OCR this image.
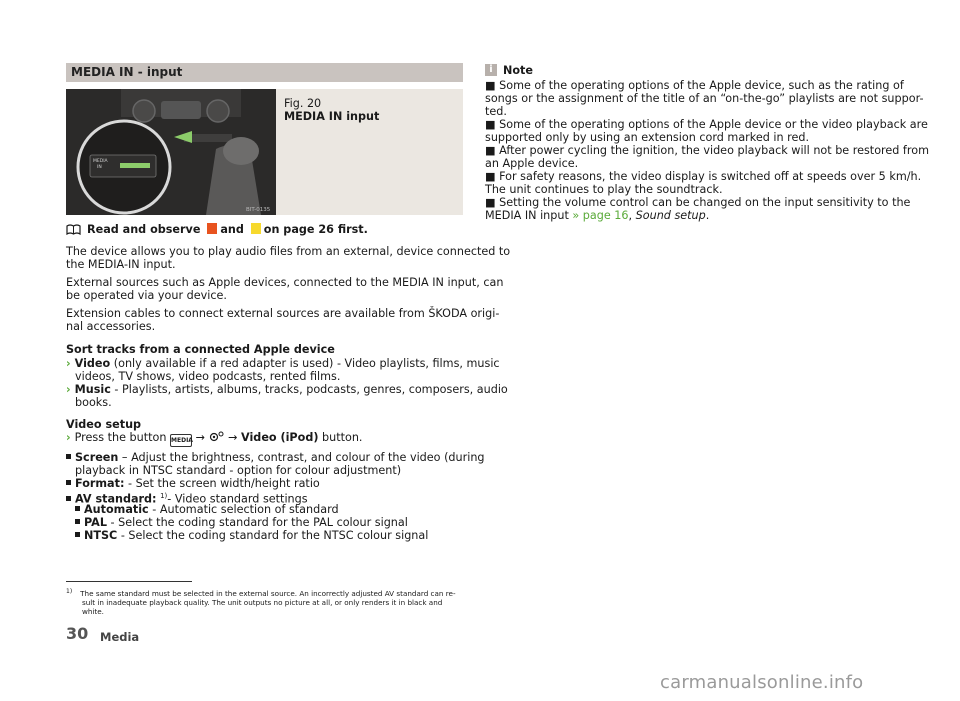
MEDIA IN - input
MEDIA
IN
BIT-0135
Fig. 20
MEDIA IN input
Read and observe and on page 26 first.
The device allows you to play audio files from an external, device connected to
the MEDIA-IN input.
External sources such as Apple devices, connected to the MEDIA IN input, can
be operated via your device.
Extension cables to connect external sources are available from ŠKODA origi-
nal accessories.
Sort tracks from a connected Apple device
› Video (only available if a red adapter is used) - Video playlists, films, music
videos, TV shows, video podcasts, rented films.
› Music - Playlists, artists, albums, tracks, podcasts, genres, composers, audio
books.
Video setup
› Press the button MEDIA → → Video (iPod) button.
Screen – Adjust the brightness, contrast, and colour of the video (during
playback in NTSC standard - option for colour adjustment)
Format: - Set the screen width/height ratio
AV standard: $^{1)}$- Video standard settings
Automatic - Automatic selection of standard
PAL - Select the coding standard for the PAL colour signal
NTSC - Select the coding standard for the NTSC colour signal
i Note
■ Some of the operating options of the Apple device, such as the rating of
songs or the assignment of the title of an “on-the-go” playlists are not suppor-
ted.
■ Some of the operating options of the Apple device or the video playback are
supported only by using an extension cord marked in red.
■ After power cycling the ignition, the video playback will not be restored from
an Apple device.
■ For safety reasons, the video display is switched off at speeds over 5 km/h.
The unit continues to play the soundtrack.
■ Setting the volume control can be changed on the input sensitivity to the
MEDIA IN input » page 16, Sound setup.
$^{1)}$ The same standard must be selected in the external source. An incorrectly adjusted AV standard can re-
sult in inadequate playback quality. The unit outputs no picture at all, or only renders it in black and
white.
30 Media
carmanualsonline.info
